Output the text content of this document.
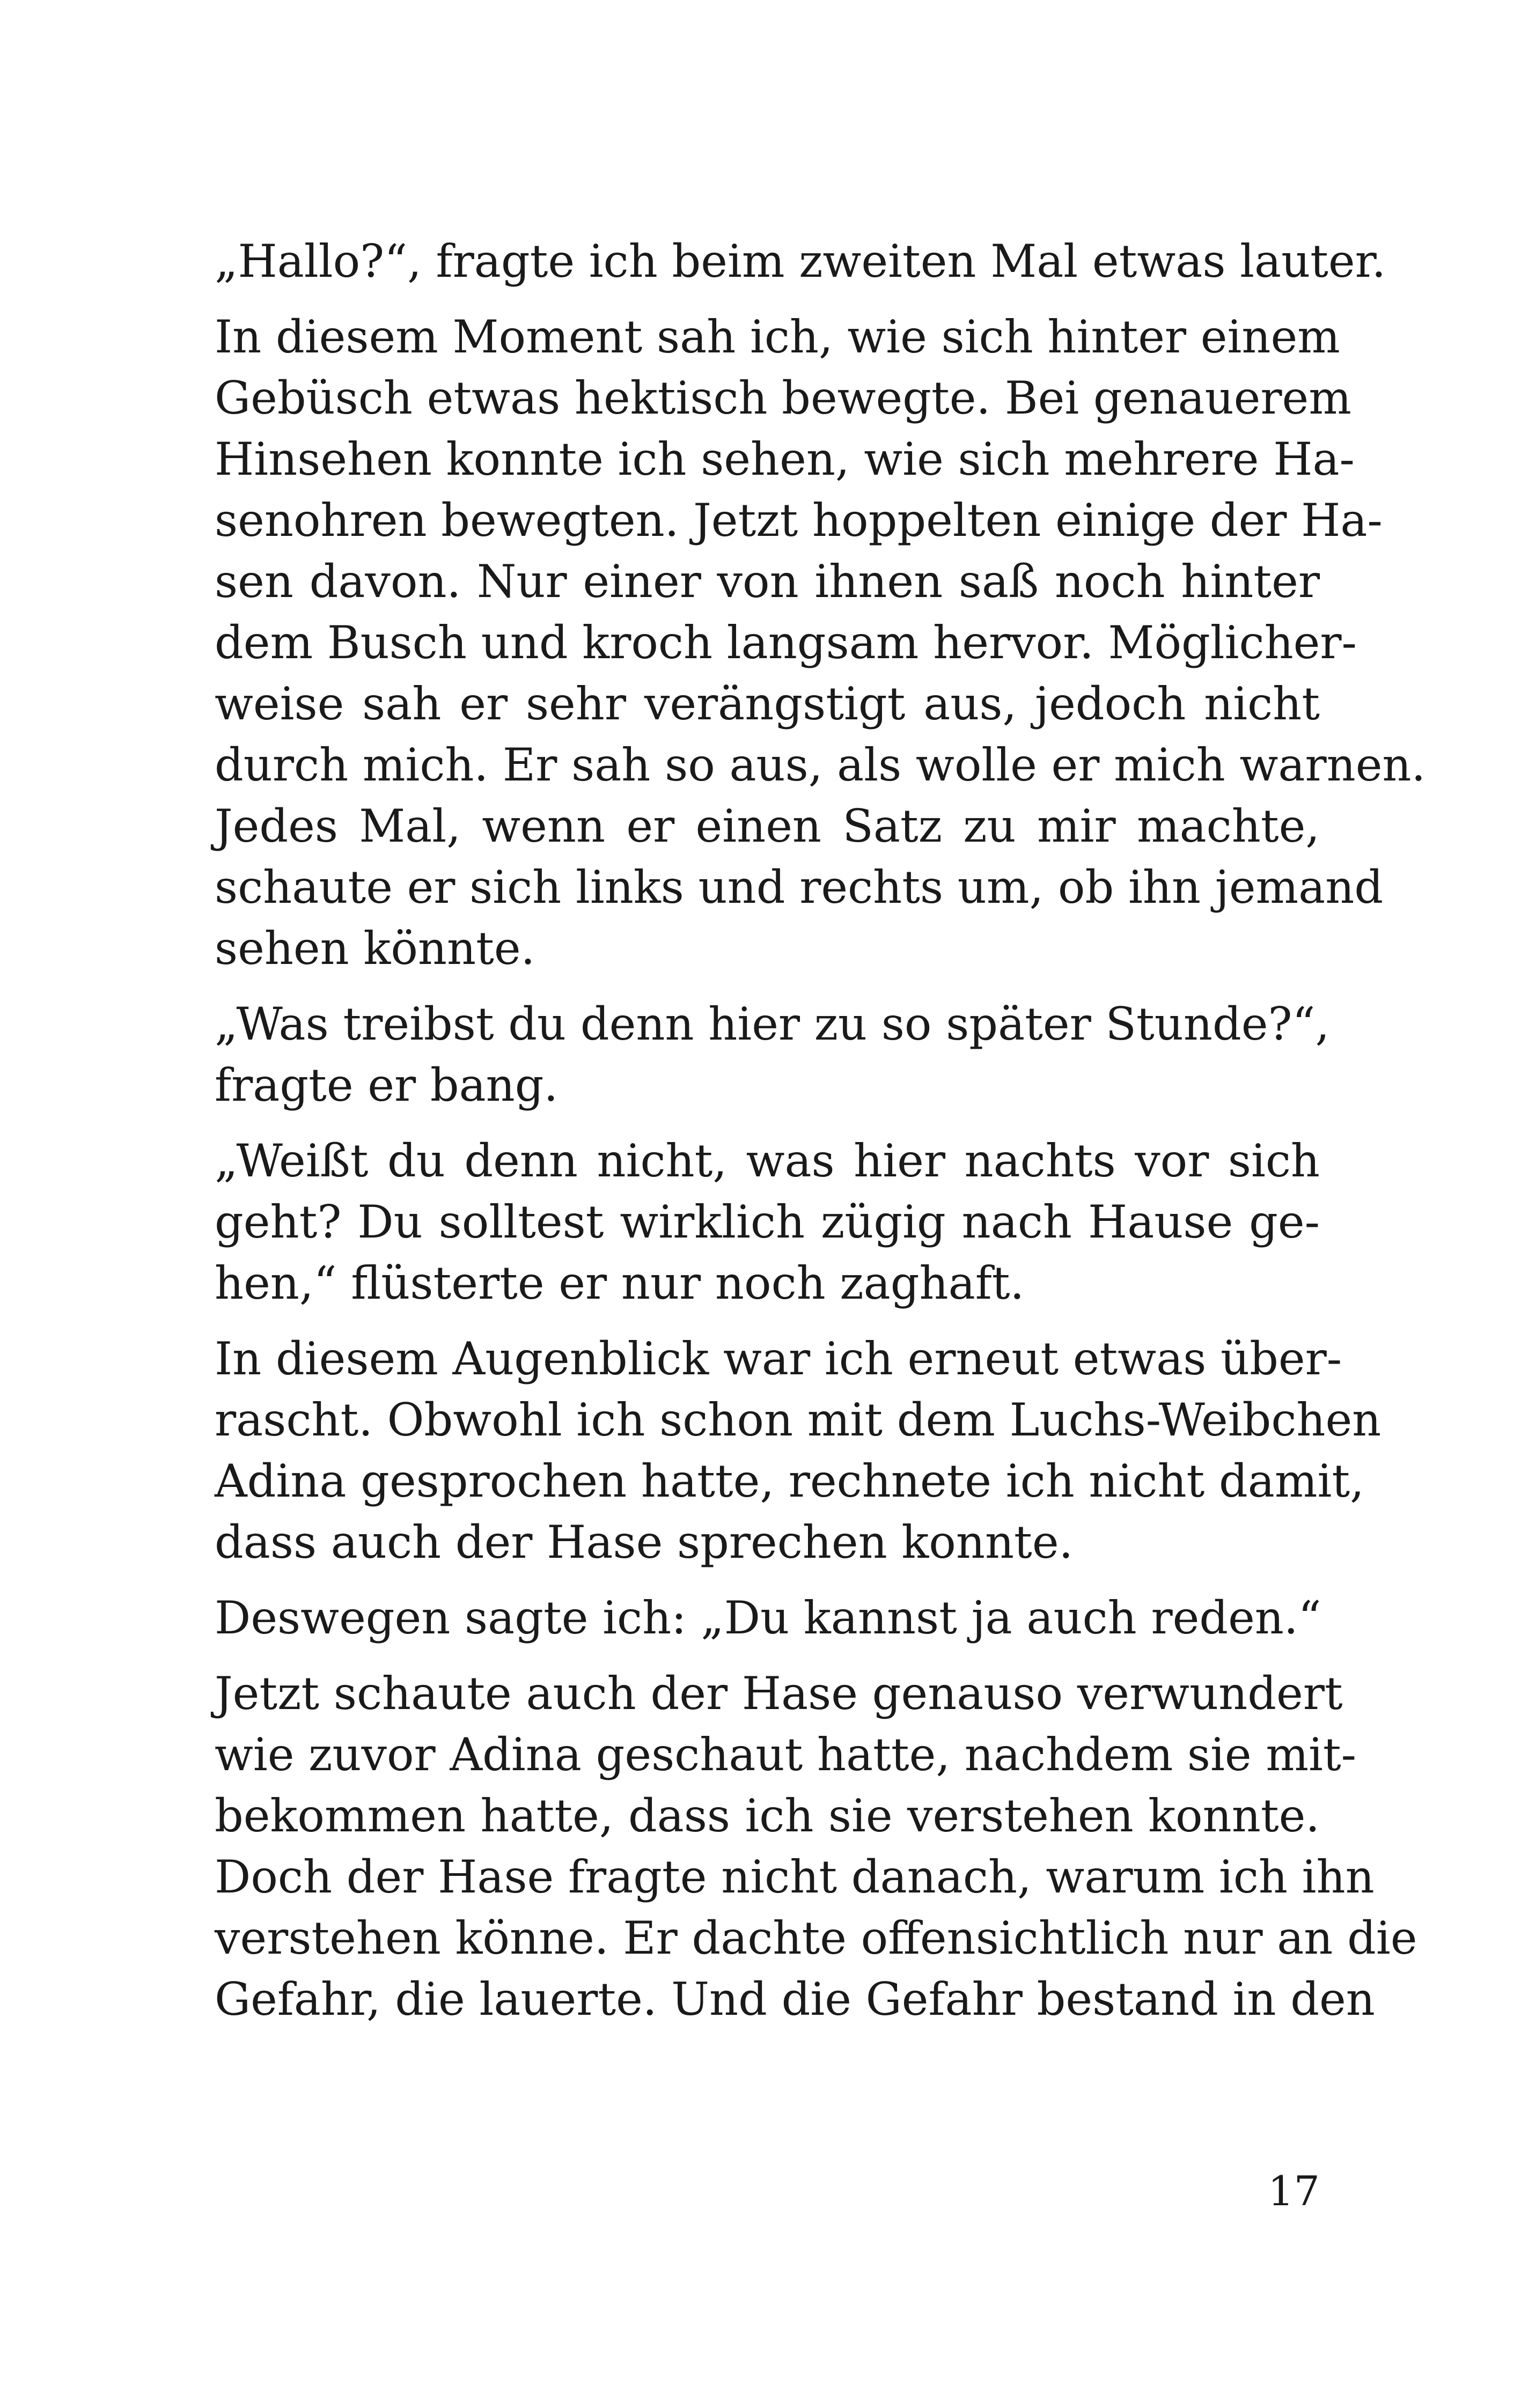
„Hallo?“, fragte ich beim zweiten Mal etwas lauter.

In diesem Moment sah ich, wie sich hinter einem
Gebüsch etwas hektisch bewegte. Bei genauerem
Hinsehen konnte ich sehen, wie sich mehrere Ha-
senohren bewegten. Jetzt hoppelten einige der Ha-
sen davon. Nur einer von ihnen saß noch hinter
dem Busch und kroch langsam hervor. Möglicher-
weise sah er sehr verängstigt aus, jedoch nicht
durch mich. Er sah so aus, als wolle er mich warnen.
Jedes Mal, wenn er einen Satz zu mir machte,
schaute er sich links und rechts um, ob ihn jemand
sehen könnte.

„Was treibst du denn hier zu so später Stunde?“,
fragte er bang.

„Weißt du denn nicht, was hier nachts vor sich
geht? Du solltest wirklich zügig nach Hause ge-
hen,“ flüsterte er nur noch zaghaft.

In diesem Augenblick war ich erneut etwas über-
rascht. Obwohl ich schon mit dem Luchs-Weibchen
Adina gesprochen hatte, rechnete ich nicht damit,
dass auch der Hase sprechen konnte.

Deswegen sagte ich: „Du kannst ja auch reden.“

Jetzt schaute auch der Hase genauso verwundert
wie zuvor Adina geschaut hatte, nachdem sie mit-
bekommen hatte, dass ich sie verstehen konnte.
Doch der Hase fragte nicht danach, warum ich ihn
verstehen könne. Er dachte offensichtlich nur an die
Gefahr, die lauerte. Und die Gefahr bestand in den

17
